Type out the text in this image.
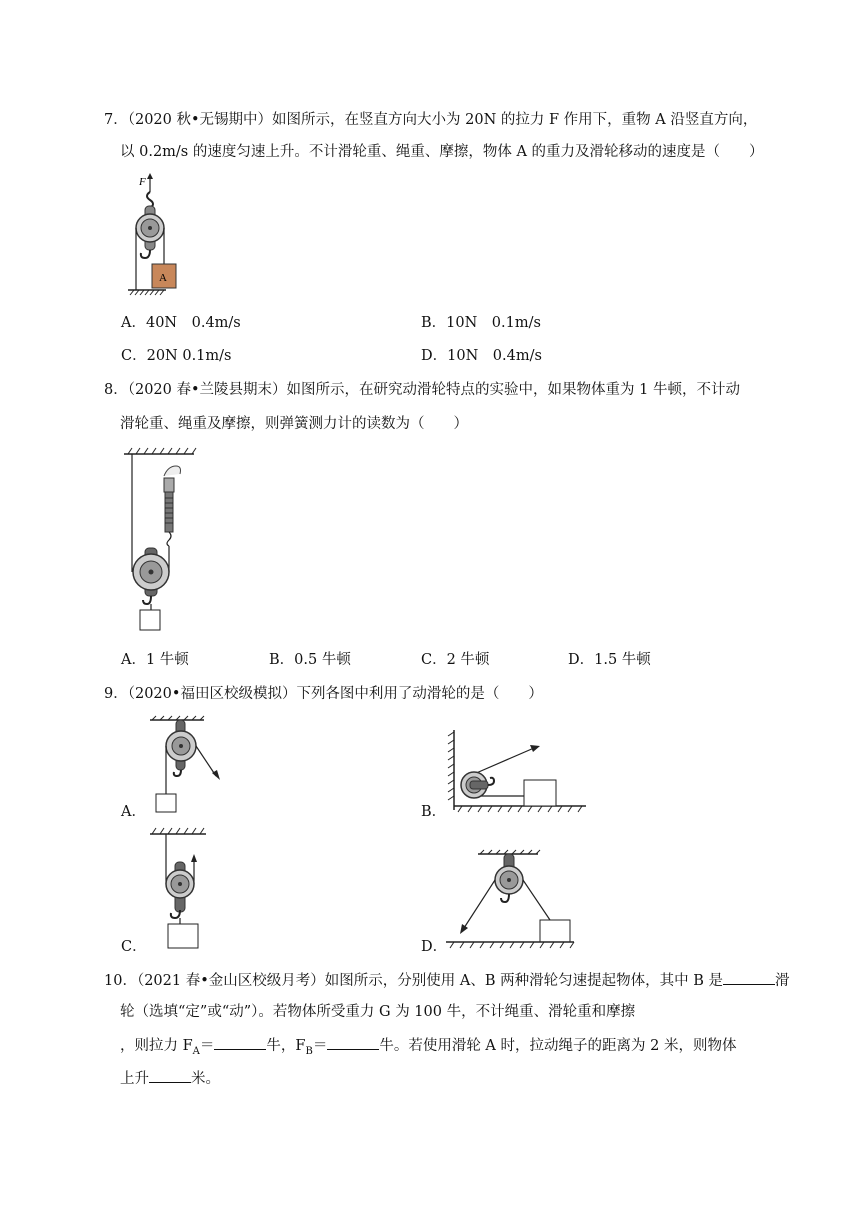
7．（2020 秋•无锡期中）如图所示，在竖直方向大小为 20N 的拉力 F 作用下，重物 A 沿竖直方向，
以 0.2m/s 的速度匀速上升。不计滑轮重、绳重、摩擦，物体 A 的重力及滑轮移动的速度是（　　）
F
A
A．40N　0.4m/s	B．10N　0.1m/s
C．20N 0.1m/s	D．10N　0.4m/s
8．（2020 春•兰陵县期末）如图所示，在研究动滑轮特点的实验中，如果物体重为 1 牛顿，不计动
滑轮重、绳重及摩擦，则弹簧测力计的读数为（　　）
A．1 牛顿	B．0.5 牛顿	C．2 牛顿	D．1.5 牛顿
9．（2020•福田区校级模拟）下列各图中利用了动滑轮的是（　　）
A．	B．
C．	D．
10．（2021 春•金山区校级月考）如图所示，分别使用 A、B 两种滑轮匀速提起物体，其中 B 是	滑
轮（选填“定”或“动”）。若物体所受重力 G 为 100 牛，不计绳重、滑轮重和摩擦
，则拉力 $F_A=$	牛，$F_B=$	牛。若使用滑轮 A 时，拉动绳子的距离为 2 米，则物体
上升	米。
